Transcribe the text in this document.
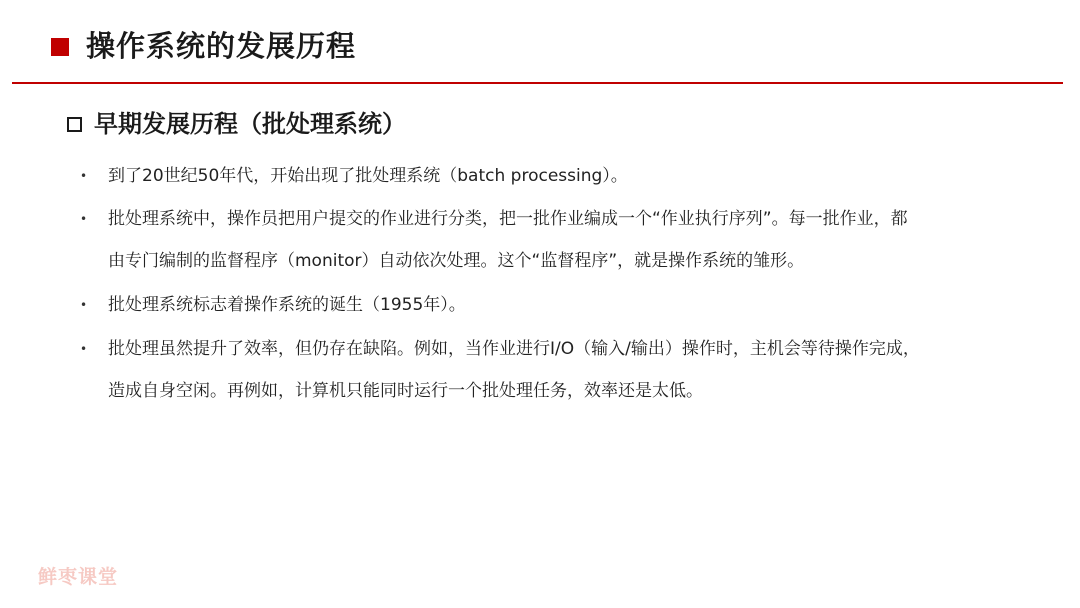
操作系统的发展历程
早期发展历程（批处理系统）
•	到了20世纪50年代，开始出现了批处理系统（batch processing）。
•	批处理系统中，操作员把用户提交的作业进行分类，把一批作业编成一个“作业执行序列”。每一批作业，都
由专门编制的监督程序（monitor）自动依次处理。这个“监督程序”，就是操作系统的雏形。
•	批处理系统标志着操作系统的诞生（1955年）。
•	批处理虽然提升了效率，但仍存在缺陷。例如，当作业进行I/O（输入/输出）操作时，主机会等待操作完成，
造成自身空闲。再例如，计算机只能同时运行一个批处理任务，效率还是太低。
鲜枣课堂
